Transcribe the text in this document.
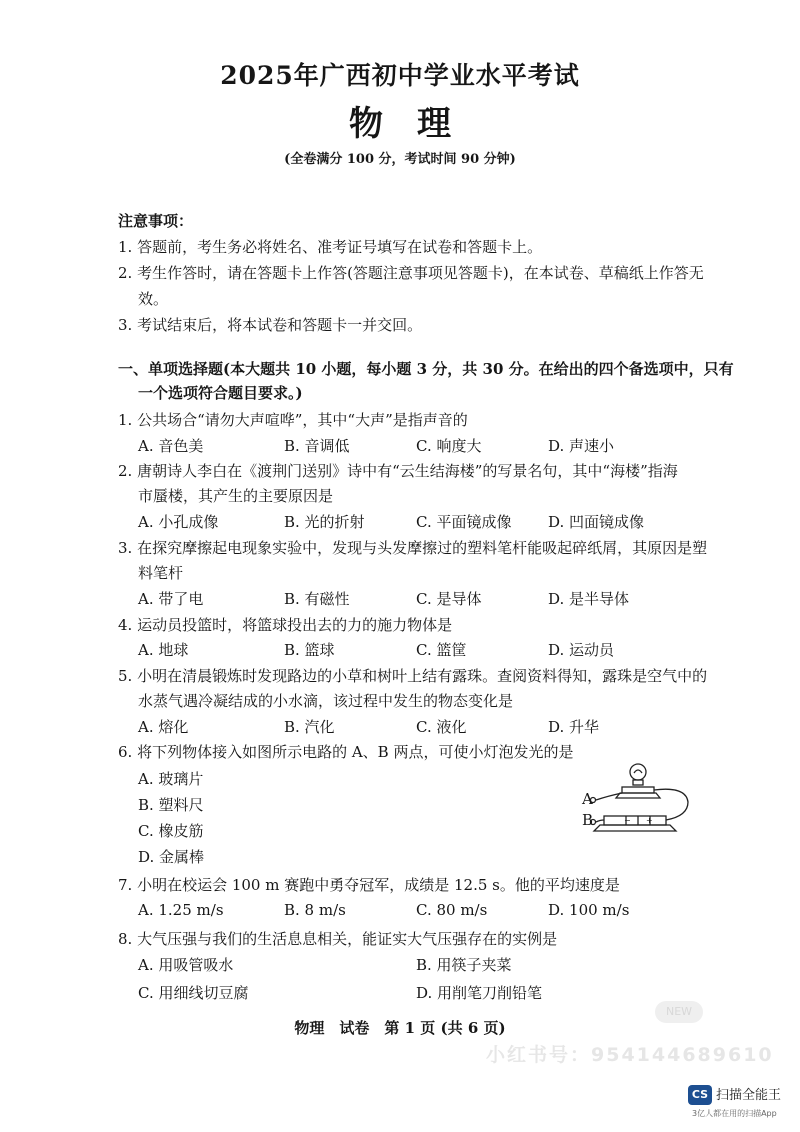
2025年广西初中学业水平考试
物　理
(全卷满分 100 分，考试时间 90 分钟)
注意事项：
1. 答题前，考生务必将姓名、准考证号填写在试卷和答题卡上。
2. 考生作答时，请在答题卡上作答(答题注意事项见答题卡)，在本试卷、草稿纸上作答无
效。
3. 考试结束后，将本试卷和答题卡一并交回。
一、单项选择题(本大题共 10 小题，每小题 3 分，共 30 分。在给出的四个备选项中，只有
一个选项符合题目要求。)
1. 公共场合“请勿大声喧哗”，其中“大声”是指声音的
A. 音色美	B. 音调低	C. 响度大	D. 声速小
2. 唐朝诗人李白在《渡荆门送别》诗中有“云生结海楼”的写景名句，其中“海楼”指海
市蜃楼，其产生的主要原因是
A. 小孔成像	B. 光的折射	C. 平面镜成像 D. 凹面镜成像
3. 在探究摩擦起电现象实验中，发现与头发摩擦过的塑料笔杆能吸起碎纸屑，其原因是塑
料笔杆
A. 带了电	B. 有磁性	C. 是导体	D. 是半导体
4. 运动员投篮时，将篮球投出去的力的施力物体是
A. 地球	B. 篮球	C. 篮筐	D. 运动员
5. 小明在清晨锻炼时发现路边的小草和树叶上结有露珠。查阅资料得知，露珠是空气中的
水蒸气遇冷凝结成的小水滴，该过程中发生的物态变化是
A. 熔化	B. 汽化	C. 液化	D. 升华
6. 将下列物体接入如图所示电路的 A、B 两点，可使小灯泡发光的是
A. 玻璃片
B. 塑料尺
C. 橡皮筋
D. 金属棒
− +
A
B
7. 小明在校运会 100 m 赛跑中勇夺冠军，成绩是 12.5 s。他的平均速度是
A. 1.25 m/s	B. 8 m/s	C. 80 m/s	D. 100 m/s
8. 大气压强与我们的生活息息相关，能证实大气压强存在的实例是
A. 用吸管吸水	B. 用筷子夹菜
C. 用细线切豆腐	D. 用削笔刀削铅笔
物理　试卷　第 1 页 (共 6 页)
NEW
小红书号：954144689610
CS 扫描全能王
3亿人都在用的扫描App
